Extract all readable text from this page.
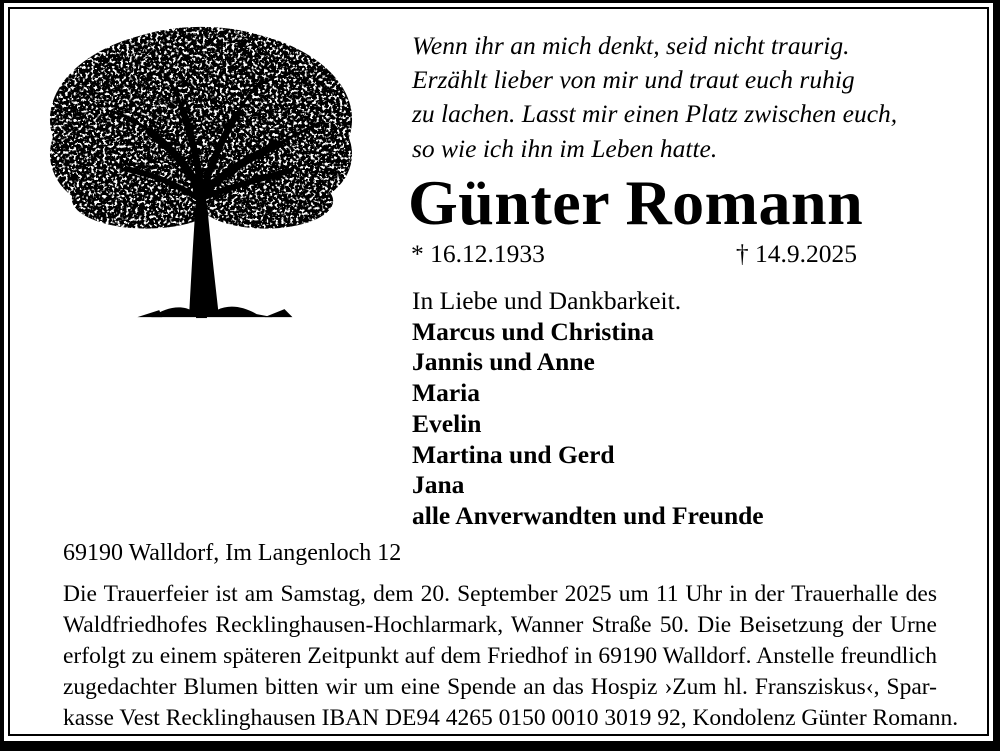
Wenn ihr an mich denkt, seid nicht traurig.
Erzählt lieber von mir und traut euch ruhig
zu lachen. Lasst mir einen Platz zwischen euch,
so wie ich ihn im Leben hatte.
Günter Romann
* 16.12.1933	† 14.9.2025
In Liebe und Dankbarkeit.
Marcus und Christina
Jannis und Anne
Maria
Evelin
Martina und Gerd
Jana
alle Anverwandten und Freunde
69190 Walldorf, Im Langenloch 12
Die Trauerfeier ist am Samstag, dem 20. September 2025 um 11 Uhr in der Trauerhalle des
Waldfriedhofes Recklinghausen-Hochlarmark, Wanner Straße 50. Die Beisetzung der Urne
erfolgt zu einem späteren Zeitpunkt auf dem Friedhof in 69190 Walldorf. Anstelle freundlich
zugedachter Blumen bitten wir um eine Spende an das Hospiz ›Zum hl. Fransziskus‹, Spar-
kasse Vest Recklinghausen IBAN DE94 4265 0150 0010 3019 92, Kondolenz Günter Romann.
